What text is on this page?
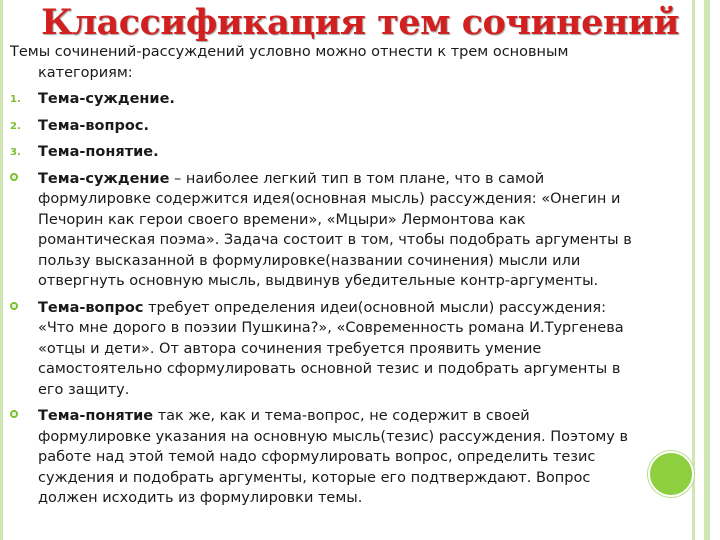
Классификация тем сочинений

Темы сочинений-рассуждений условно можно отнести к трем основным
категориям:

1. Тема-суждение.
2. Тема-вопрос.
3. Тема-понятие.
Тема-суждение – наиболее легкий тип в том плане, что в самой
формулировке содержится идея(основная мысль) рассуждения: «Онегин и
Печорин как герои своего времени», «Мцыри» Лермонтова как
романтическая поэма». Задача состоит в том, чтобы подобрать аргументы в
пользу высказанной в формулировке(названии сочинения) мысли или
отвергнуть основную мысль, выдвинув убедительные контр-аргументы.
Тема-вопрос требует определения идеи(основной мысли) рассуждения:
«Что мне дорого в поэзии Пушкина?», «Современность романа И.Тургенева
«отцы и дети». От автора сочинения требуется проявить умение
самостоятельно сформулировать основной тезис и подобрать аргументы в
его защиту.
Тема-понятие так же, как и тема-вопрос, не содержит в своей
формулировке указания на основную мысль(тезис) рассуждения. Поэтому в
работе над этой темой надо сформулировать вопрос, определить тезис
суждения и подобрать аргументы, которые его подтверждают. Вопрос
должен исходить из формулировки темы.
